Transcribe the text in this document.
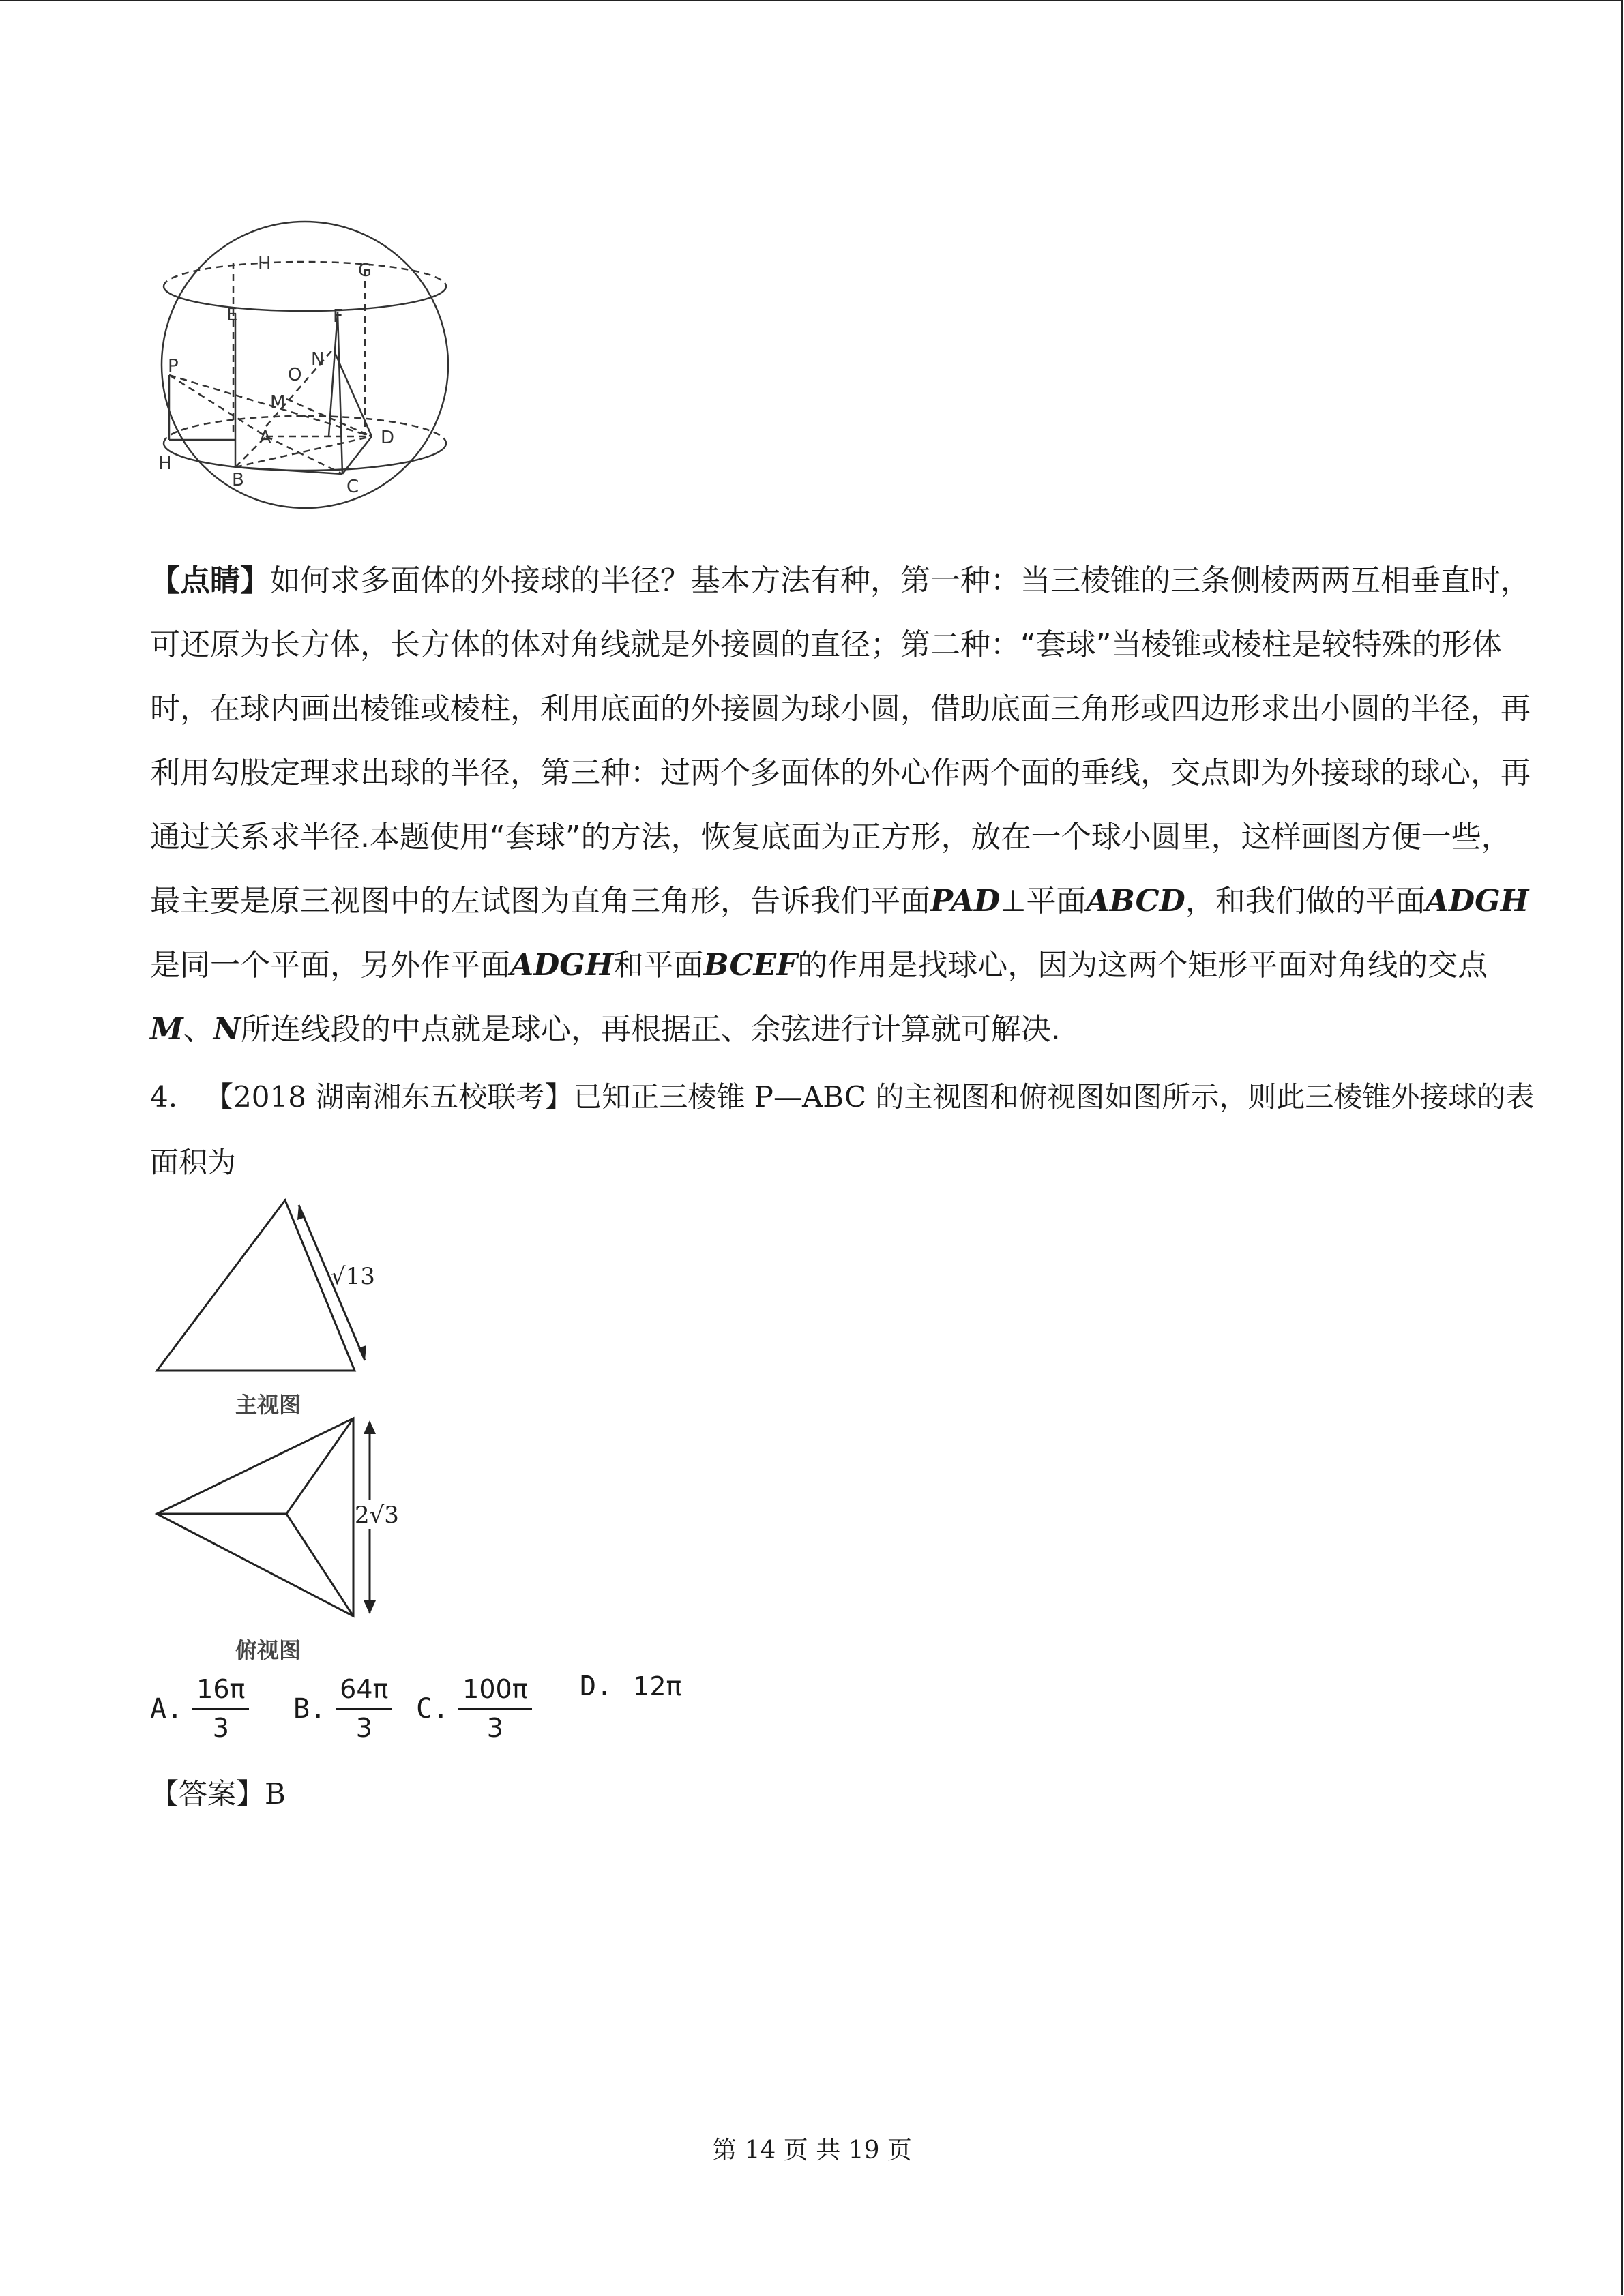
H	G
E	F
P	N
O
M
A	D
H
B	C
【点睛】如何求多面体的外接球的半径？基本方法有种，第一种：当三棱锥的三条侧棱两两互相垂直时，
可还原为长方体，长方体的体对角线就是外接圆的直径；第二种：“套球”当棱锥或棱柱是较特殊的形体
时，在球内画出棱锥或棱柱，利用底面的外接圆为球小圆，借助底面三角形或四边形求出小圆的半径，再
利用勾股定理求出球的半径，第三种：过两个多面体的外心作两个面的垂线，交点即为外接球的球心，再
通过关系求半径.本题使用“套球”的方法，恢复底面为正方形，放在一个球小圆里，这样画图方便一些，
最主要是原三视图中的左试图为直角三角形，告诉我们平面PAD⊥平面ABCD，和我们做的平面ADGH
是同一个平面，另外作平面ADGH和平面BCEF的作用是找球心，因为这两个矩形平面对角线的交点
M、N所连线段的中点就是球心，再根据正、余弦进行计算就可解决.
4. 【2018 湖南湘东五校联考】已知正三棱锥 P—ABC 的主视图和俯视图如图所示，则此三棱锥外接球的表
面积为
√13
主视图
2√3
俯视图
A. $\frac{16\pi}{3} B$. $\frac{64\pi}{3} C$. $\frac{100\pi}{3} D$. 12π
【答案】B
第 14 页 共 19 页
